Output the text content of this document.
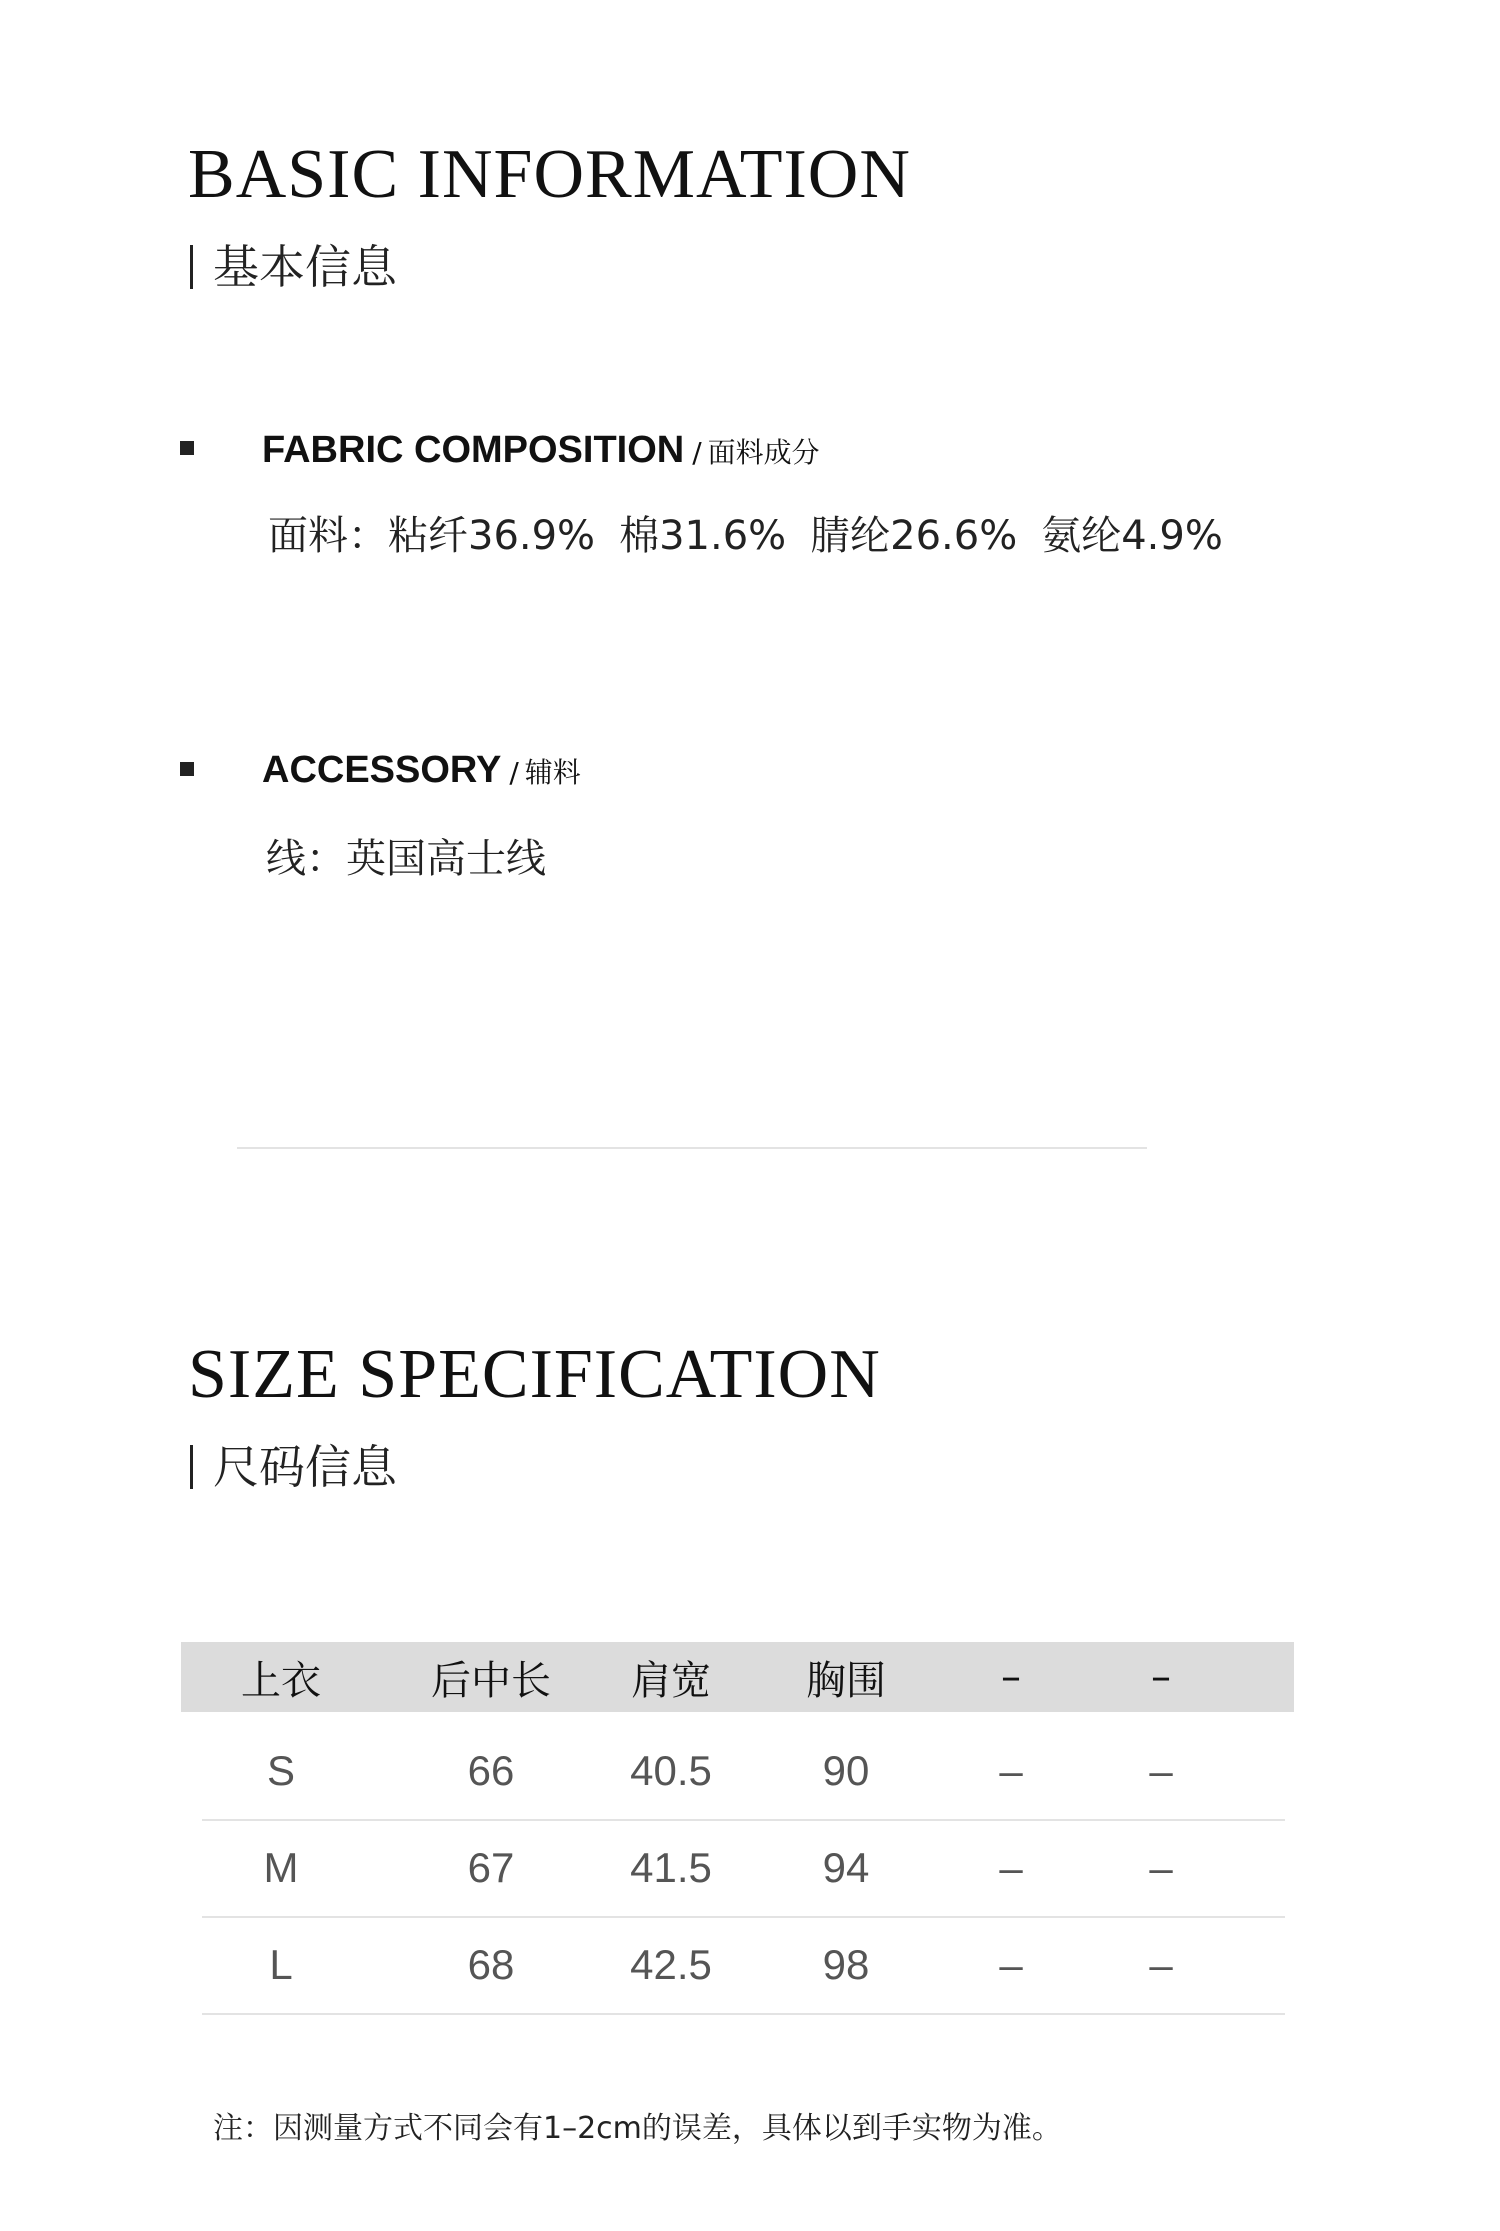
BASIC INFORMATION
基本信息
FABRIC COMPOSITION / 面料成分
面料：粘纤36.9% 棉31.6% 腈纶26.6% 氨纶4.9%
ACCESSORY / 辅料
线：英国高士线
SIZE SPECIFICATION
尺码信息
上衣	后中长	肩宽	胸围	–	–
S	66	40.5	90	–	–
M	67	41.5	94	–	–
L	68	42.5	98	–	–
注：因测量方式不同会有1–2cm的误差，具体以到手实物为准。
